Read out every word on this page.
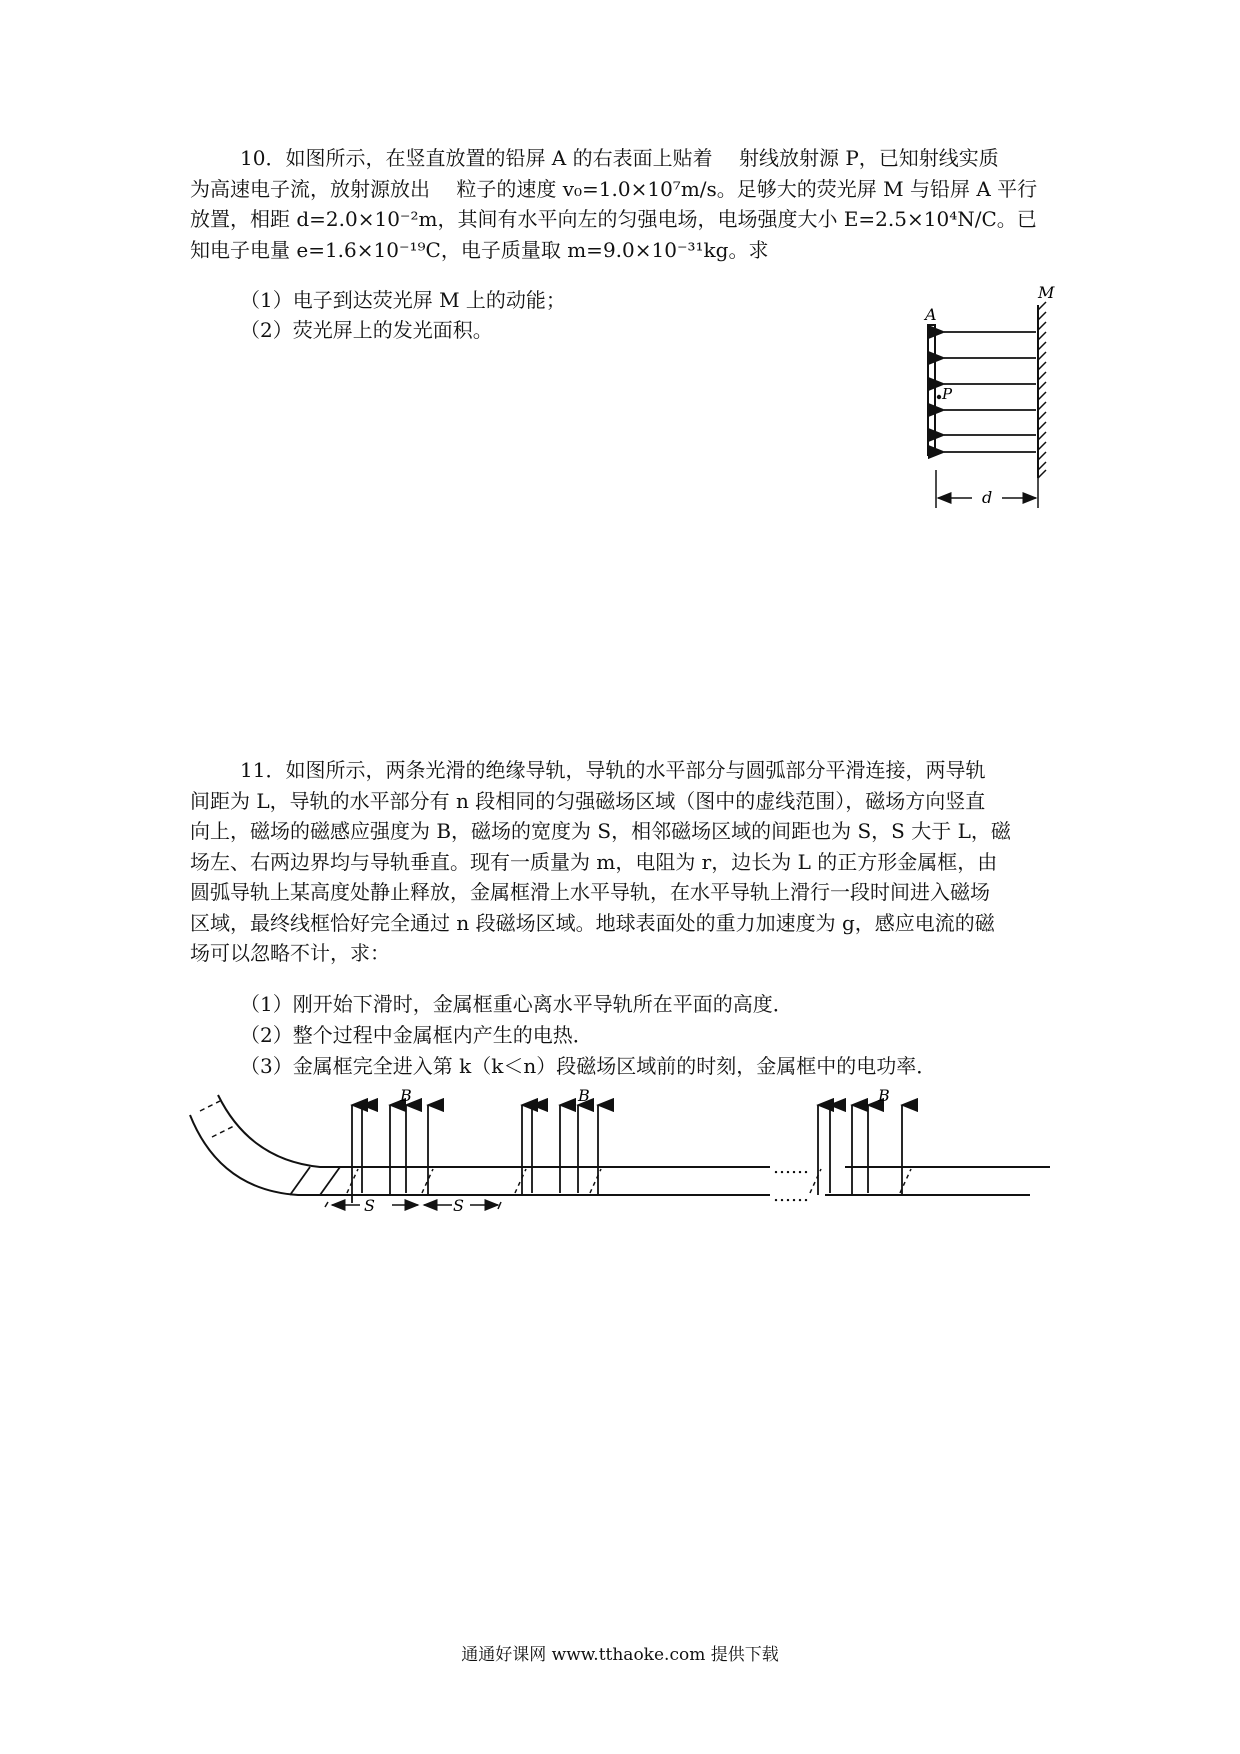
10．如图所示，在竖直放置的铅屏 A 的右表面上贴着　 射线放射源 P，已知射线实质
为高速电子流，放射源放出　 粒子的速度 v₀=1.0×10⁷m/s。足够大的荧光屏 M 与铅屏 A 平行
放置，相距 d=2.0×10⁻²m，其间有水平向左的匀强电场，电场强度大小 E=2.5×10⁴N/C。已
知电子电量 e=1.6×10⁻¹⁹C，电子质量取 m=9.0×10⁻³¹kg。求
（1）电子到达荧光屏 M 上的动能；
（2）荧光屏上的发光面积。
A
M
P
d
11．如图所示，两条光滑的绝缘导轨，导轨的水平部分与圆弧部分平滑连接，两导轨
间距为 L，导轨的水平部分有 n 段相同的匀强磁场区域（图中的虚线范围），磁场方向竖直
向上，磁场的磁感应强度为 B，磁场的宽度为 S，相邻磁场区域的间距也为 S，S 大于 L，磁
场左、右两边界均与导轨垂直。现有一质量为 m，电阻为 r，边长为 L 的正方形金属框，由
圆弧导轨上某高度处静止释放，金属框滑上水平导轨，在水平导轨上滑行一段时间进入磁场
区域，最终线框恰好完全通过 n 段磁场区域。地球表面处的重力加速度为 g，感应电流的磁
场可以忽略不计，求：
（1）刚开始下滑时，金属框重心离水平导轨所在平面的高度．
（2）整个过程中金属框内产生的电热．
（3）金属框完全进入第 k（k＜n）段磁场区域前的时刻，金属框中的电功率．
……
……
B	B	B
S	S
通通好课网 www.tthaoke.com 提供下载
